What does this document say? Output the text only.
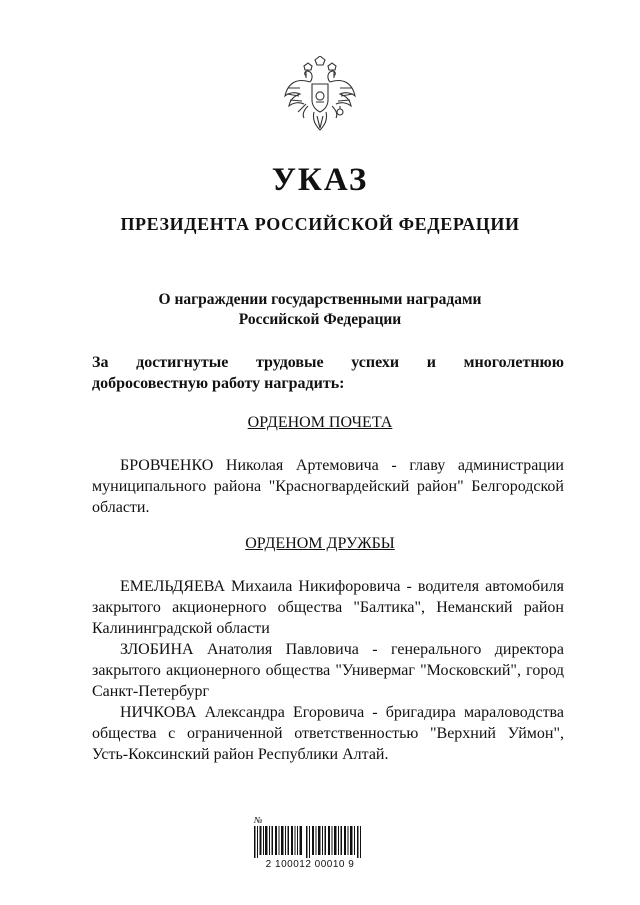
УКАЗ
ПРЕЗИДЕНТА РОССИЙСКОЙ ФЕДЕРАЦИИ
О награждении государственными наградами
Российской Федерации
За достигнутые трудовые успехи и многолетнюю
добросовестную работу наградить:

ОРДЕНОМ ПОЧЕТА

БРОВЧЕНКО Николая Артемовича - главу администрации муниципального района "Красногвардейский район" Белгородской области.

ОРДЕНОМ ДРУЖБЫ

ЕМЕЛЬДЯЕВА Михаила Никифоровича - водителя автомобиля закрытого акционерного общества "Балтика", Неманский район Калининградской области

ЗЛОБИНА Анатолия Павловича - генерального директора закрытого акционерного общества "Универмаг "Московский", город Санкт-Петербург

НИЧКОВА Александра Егоровича - бригадира мараловодства общества с ограниченной ответственностью "Верхний Уймон", Усть-Коксинский район Республики Алтай.

№
2 100012 00010 9
